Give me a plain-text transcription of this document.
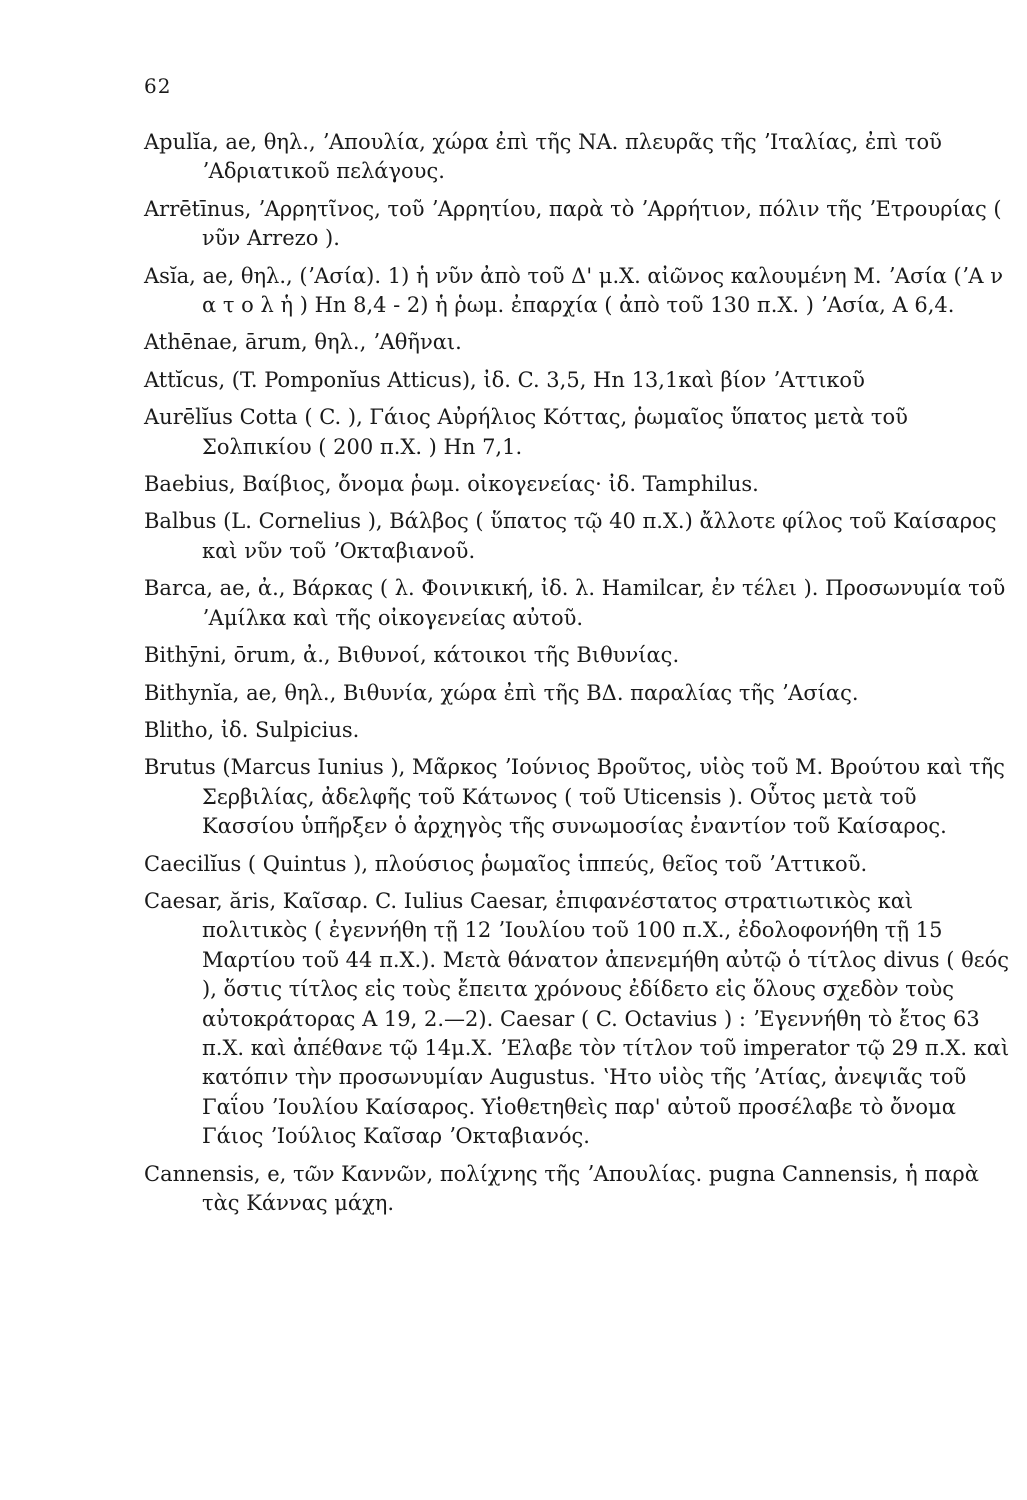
62

Apulĭa, ae, θηλ., ʼΑπουλία, χώρα ἐπὶ τῆς ΝΑ. πλευρᾶς τῆς ʼΙταλίας, ἐπὶ τοῦ ʼΑδριατικοῦ πελάγους.

Arrētīnus, ʼΑρρητῖνος, τοῦ ʼΑρρητίου, παρὰ τὸ ʼΑρρήτιον, πόλιν τῆς ʼΕτρουρίας ( νῦν Arrezo ).

Asĭa, ae, θηλ., (ʼΑσία). 1) ἡ νῦν ἀπὸ τοῦ Δ' μ.Χ. αἰῶνος καλουμένη Μ. ʼΑσία (ʼΑ ν α τ ο λ ἡ ) Hn 8,4 - 2) ἡ ῥωμ. ἐπαρχία ( ἀπὸ τοῦ 130 π.Χ. ) ʼΑσία, A 6,4.

Athēnae, ārum, θηλ., ʼΑθῆναι.

Attĭcus, (T. Pomponĭus Atticus), ἰδ. C. 3,5, Hn 13,1καὶ βίον ʼΑττικοῦ

Aurēlĭus Cotta ( C. ), Γάιος Αὐρήλιος Κόττας, ῥωμαῖος ὕπατος μετὰ τοῦ Σολπικίου ( 200 π.Χ. ) Hn 7,1.

Baebius, Βαίβιος, ὄνομα ῥωμ. οἰκογενείας· ἰδ. Tamphilus.

Balbus (L. Cornelius ), Βάλβος ( ὕπατος τῷ 40 π.Χ.) ἄλλοτε φίλος τοῦ Καίσαρος καὶ νῦν τοῦ ʼΟκταβιανοῦ.

Barca, ae, ἀ., Βάρκας ( λ. Φοινικική, ἰδ. λ. Hamilcar, ἐν τέλει ). Προσωνυμία τοῦ ʼΑμίλκα καὶ τῆς οἰκογενείας αὐτοῦ.

Bithȳni, ōrum, ἀ., Βιθυνοί, κάτοικοι τῆς Βιθυνίας.

Bithynĭa, ae, θηλ., Βιθυνία, χώρα ἐπὶ τῆς ΒΔ. παραλίας τῆς ʼΑσίας.

Blitho, ἰδ. Sulpicius.

Brutus (Marcus Iunius ), Μᾶρκος ʼΙούνιος Βροῦτος, υἱὸς τοῦ Μ. Βρούτου καὶ τῆς Σερβιλίας, ἀδελφῆς τοῦ Κάτωνος ( τοῦ Uticensis ). Οὗτος μετὰ τοῦ Κασσίου ὑπῆρξεν ὁ ἀρχηγὸς τῆς συνωμοσίας ἐναντίον τοῦ Καίσαρος.

Caecilĭus ( Quintus ), πλούσιος ῥωμαῖος ἱππεύς, θεῖος τοῦ ʼΑττικοῦ.

Caesar, ăris, Καῖσαρ. C. Iulius Caesar, ἐπιφανέστατος στρατιωτικὸς καὶ πολιτικὸς ( ἐγεννήθη τῇ 12 ʼΙουλίου τοῦ 100 π.Χ., ἐδολοφονήθη τῇ 15 Μαρτίου τοῦ 44 π.Χ.). Μετὰ θάνατον ἀπενεμήθη αὐτῷ ὁ τίτλος divus ( θεός ), ὅστις τίτλος εἰς τοὺς ἔπειτα χρόνους ἐδίδετο εἰς ὅλους σχεδὸν τοὺς αὐτοκράτορας A 19, 2.—2). Caesar ( C. Octavius ) : ʼΕγεννήθη τὸ ἔτος 63 π.Χ. καὶ ἀπέθανε τῷ 14μ.Χ. ʼΕλαβε τὸν τίτλον τοῦ imperator τῷ 29 π.Χ. καὶ κατόπιν τὴν προσωνυμίαν Augustus. ʽΗτο υἱὸς τῆς ʼΑτίας, ἀνεψιᾶς τοῦ Γαΐου ʼΙουλίου Καίσαρος. Υἱοθετηθεὶς παρ' αὐτοῦ προσέλαβε τὸ ὄνομα Γάιος ʼΙούλιος Καῖσαρ ʼΟκταβιανός.

Cannensis, e, τῶν Καννῶν, πολίχνης τῆς ʼΑπουλίας. pugna Cannensis, ἡ παρὰ τὰς Κάννας μάχη.
